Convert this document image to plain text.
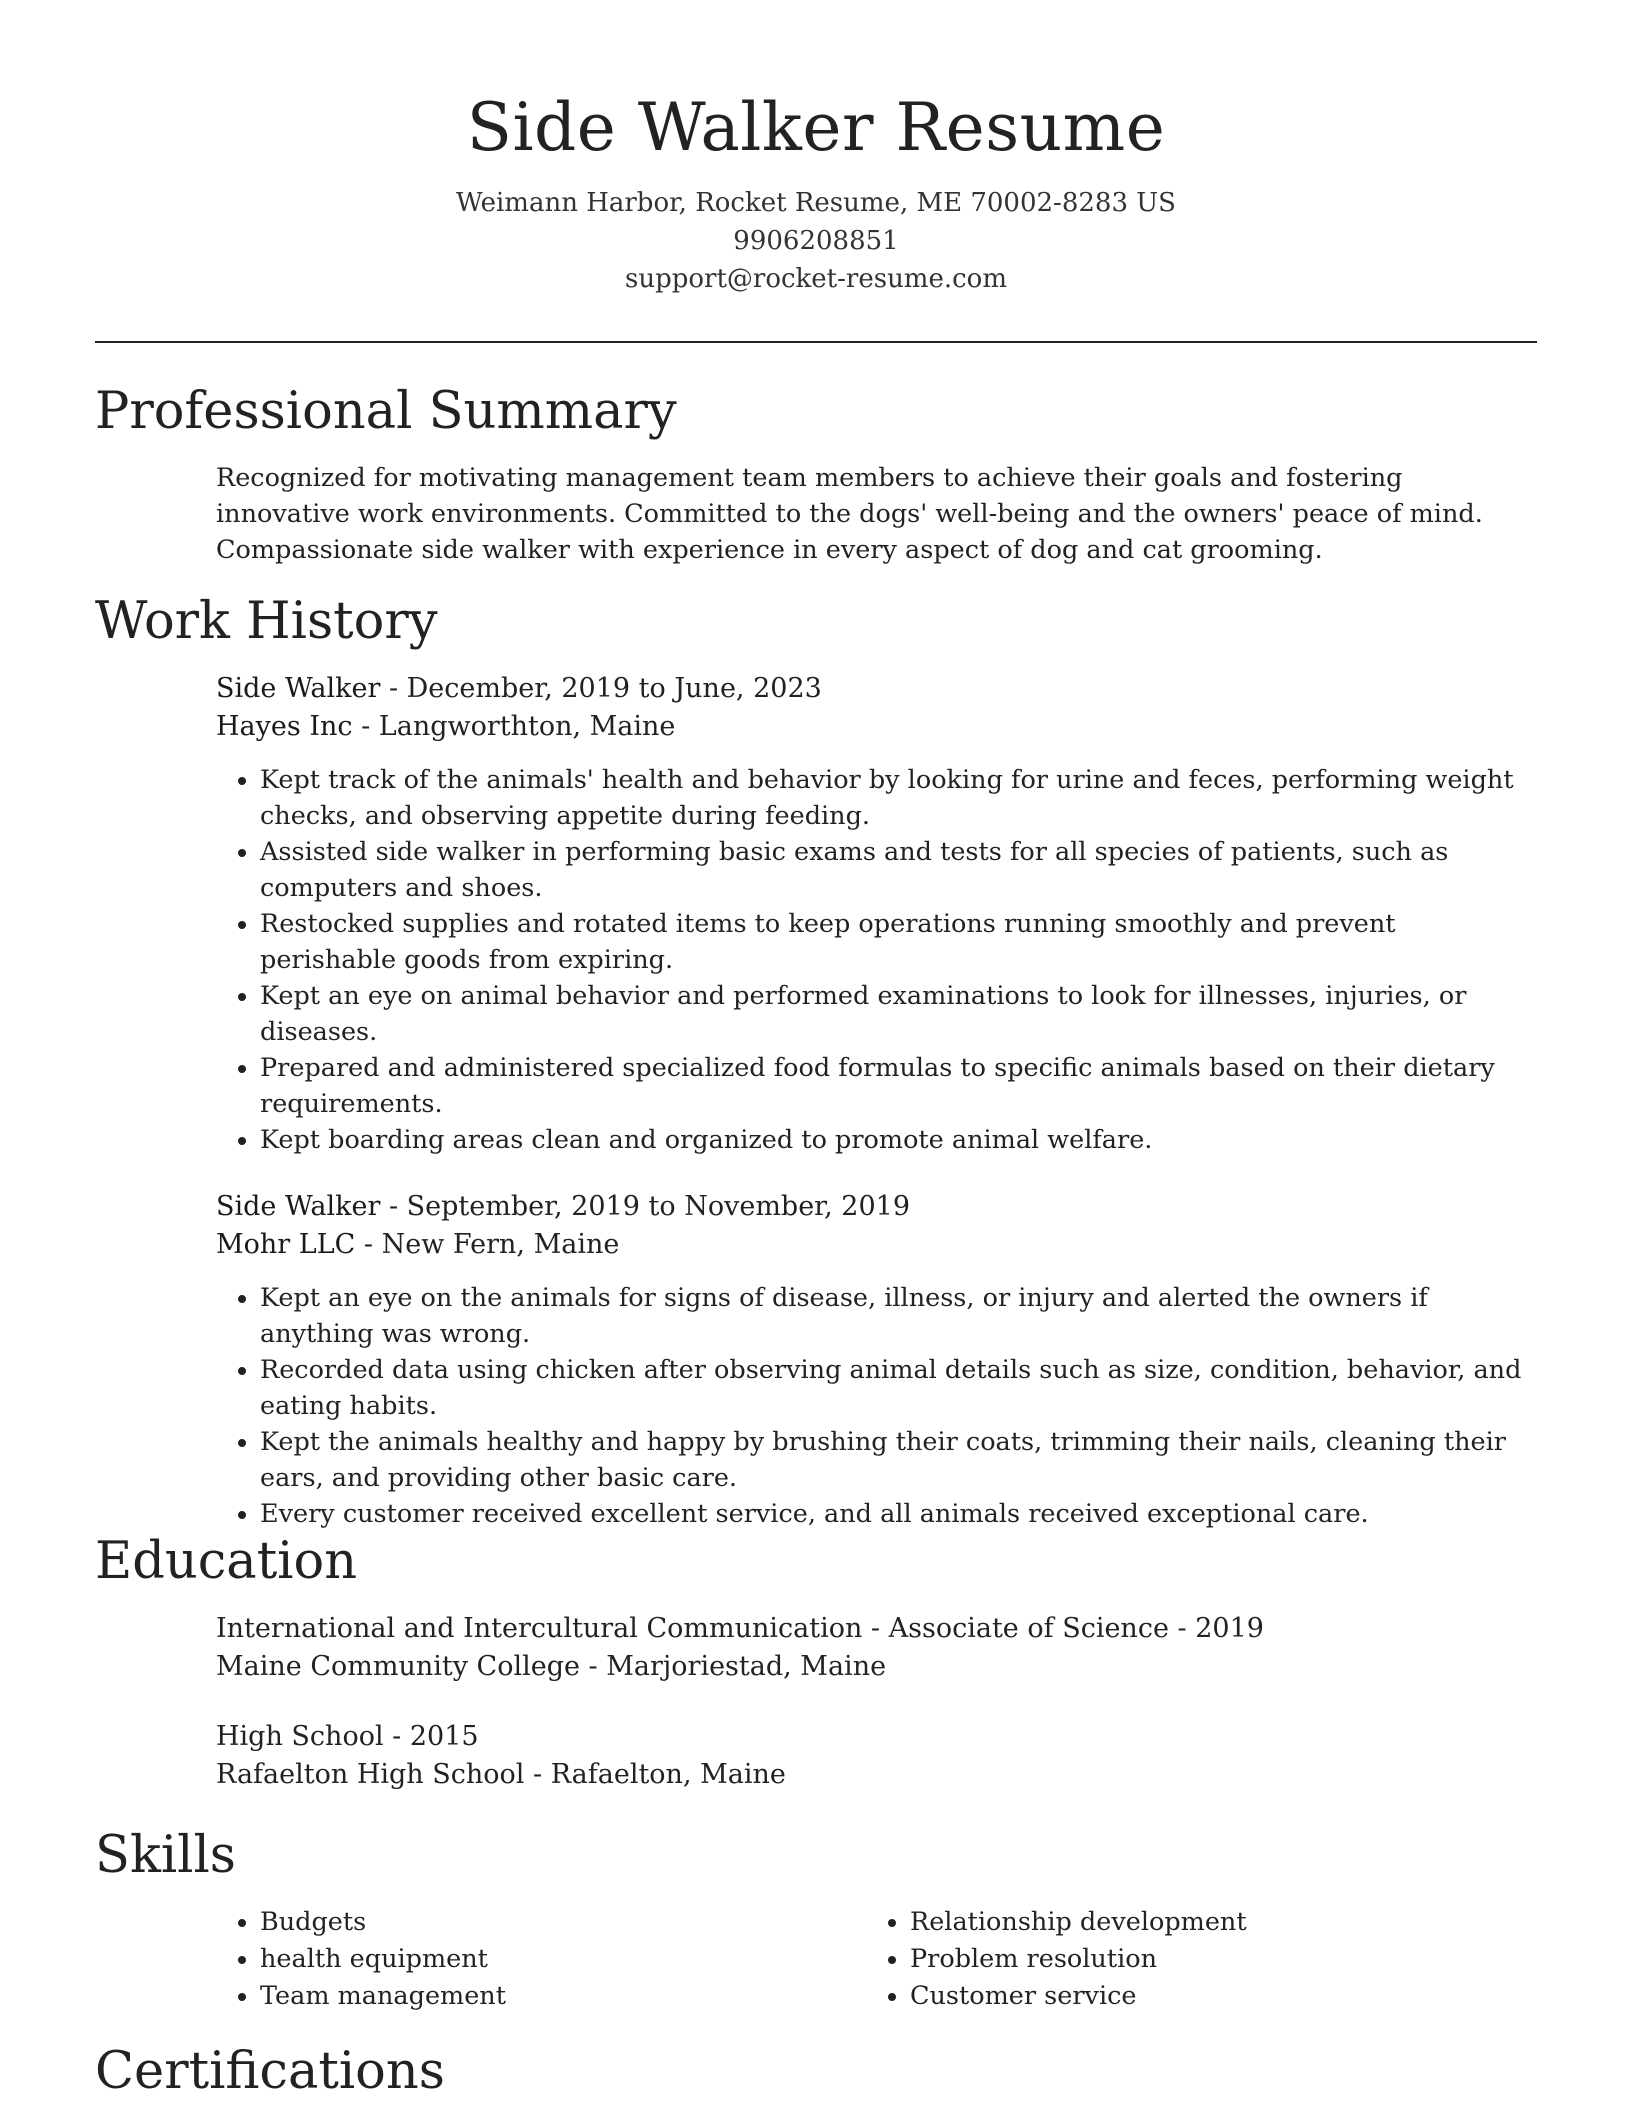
Side Walker Resume
Weimann Harbor, Rocket Resume, ME 70002-8283 US
9906208851
support@rocket-resume.com
Professional Summary

Recognized for motivating management team members to achieve their goals and fostering innovative work environments. Committed to the dogs' well-being and the owners' peace of mind. Compassionate side walker with experience in every aspect of dog and cat grooming.

Work History

Side Walker - December, 2019 to June, 2023

Hayes Inc - Langworthton, Maine

• Kept track of the animals' health and behavior by looking for urine and feces, performing weight checks, and observing appetite during feeding.
• Assisted side walker in performing basic exams and tests for all species of patients, such as computers and shoes.
• Restocked supplies and rotated items to keep operations running smoothly and prevent perishable goods from expiring.
• Kept an eye on animal behavior and performed examinations to look for illnesses, injuries, or diseases.
• Prepared and administered specialized food formulas to specific animals based on their dietary requirements.
• Kept boarding areas clean and organized to promote animal welfare.

Side Walker - September, 2019 to November, 2019

Mohr LLC - New Fern, Maine

• Kept an eye on the animals for signs of disease, illness, or injury and alerted the owners if anything was wrong.
• Recorded data using chicken after observing animal details such as size, condition, behavior, and eating habits.
• Kept the animals healthy and happy by brushing their coats, trimming their nails, cleaning their ears, and providing other basic care.
• Every customer received excellent service, and all animals received exceptional care.
Education

International and Intercultural Communication - Associate of Science - 2019

Maine Community College - Marjoriestad, Maine

High School - 2015

Rafaelton High School - Rafaelton, Maine

Skills
• Budgets
• health equipment
• Team management
• Relationship development
• Problem resolution
• Customer service
Certifications
